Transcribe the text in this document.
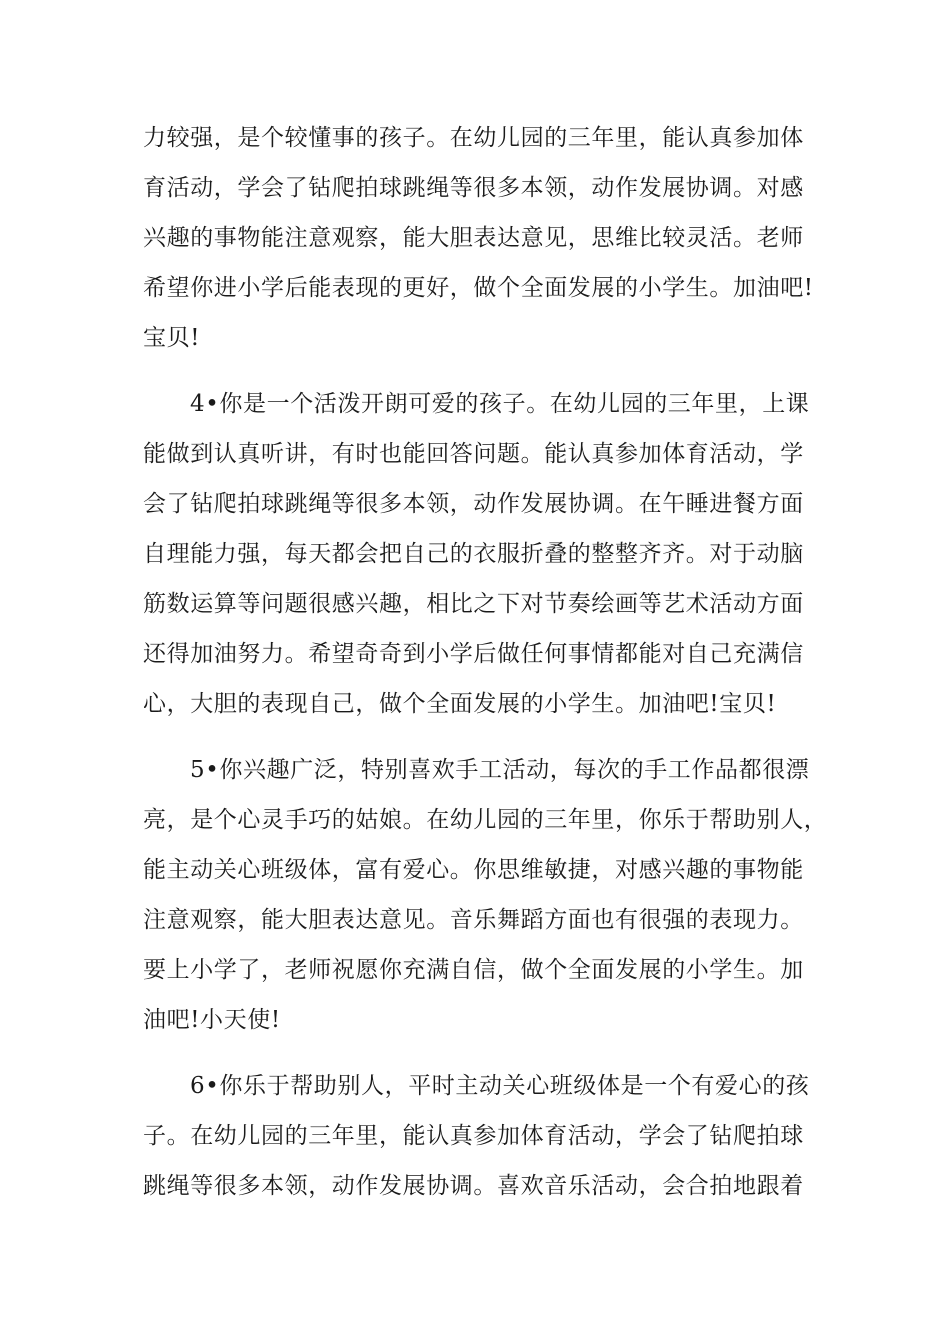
力较强，是个较懂事的孩子。在幼儿园的三年里，能认真参加体
育活动，学会了钻爬拍球跳绳等很多本领，动作发展协调。对感
兴趣的事物能注意观察，能大胆表达意见，思维比较灵活。老师
希望你进小学后能表现的更好，做个全面发展的小学生。加油吧!
宝贝!
4•你是一个活泼开朗可爱的孩子。在幼儿园的三年里，上课
能做到认真听讲，有时也能回答问题。能认真参加体育活动，学
会了钻爬拍球跳绳等很多本领，动作发展协调。在午睡进餐方面
自理能力强，每天都会把自己的衣服折叠的整整齐齐。对于动脑
筋数运算等问题很感兴趣，相比之下对节奏绘画等艺术活动方面
还得加油努力。希望奇奇到小学后做任何事情都能对自己充满信
心，大胆的表现自己，做个全面发展的小学生。加油吧!宝贝!
5•你兴趣广泛，特别喜欢手工活动，每次的手工作品都很漂
亮，是个心灵手巧的姑娘。在幼儿园的三年里，你乐于帮助别人，
能主动关心班级体，富有爱心。你思维敏捷，对感兴趣的事物能
注意观察，能大胆表达意见。音乐舞蹈方面也有很强的表现力。
要上小学了，老师祝愿你充满自信，做个全面发展的小学生。加
油吧!小天使!
6•你乐于帮助别人，平时主动关心班级体是一个有爱心的孩
子。在幼儿园的三年里，能认真参加体育活动，学会了钻爬拍球
跳绳等很多本领，动作发展协调。喜欢音乐活动，会合拍地跟着
